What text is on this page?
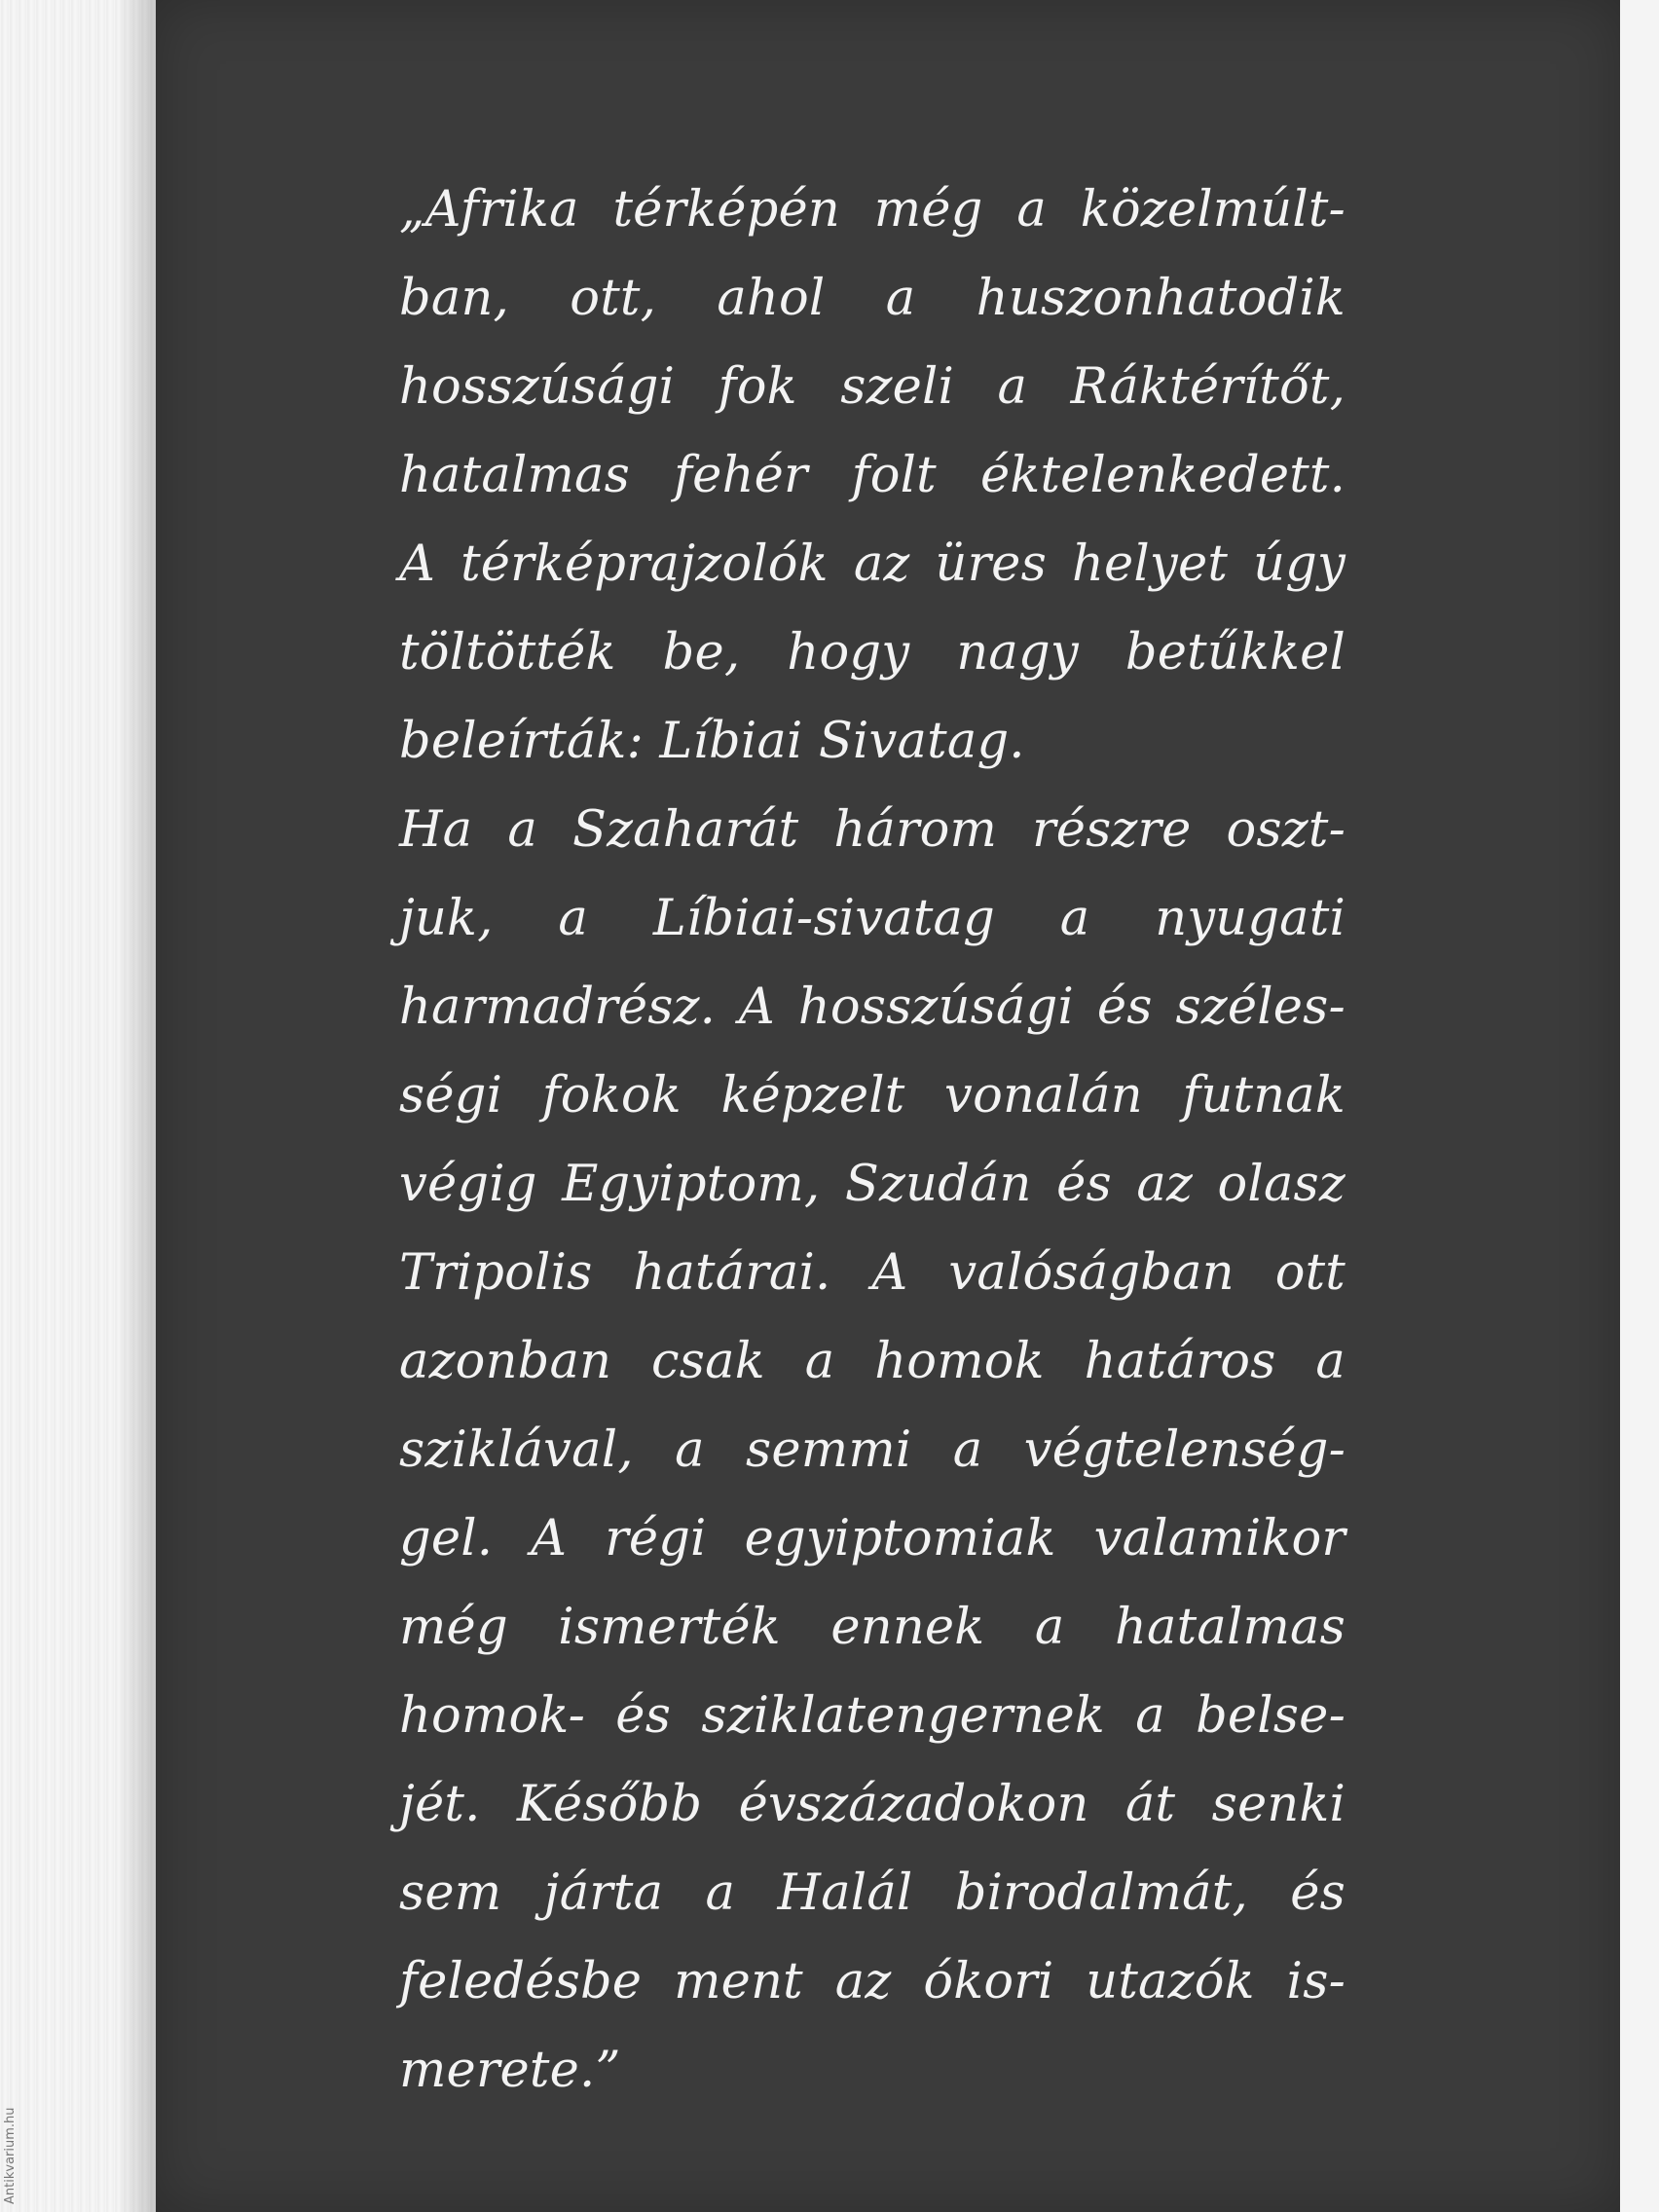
„Afrika térképén még a közelmúlt-
ban, ott, ahol a huszonhatodik
hosszúsági fok szeli a Ráktérítőt,
hatalmas fehér folt éktelenkedett.
A térképrajzolók az üres helyet úgy
töltötték be, hogy nagy betűkkel
beleírták: Líbiai Sivatag.
Ha a Szaharát három részre oszt-
juk, a Líbiai-sivatag a nyugati
harmadrész. A hosszúsági és széles-
ségi fokok képzelt vonalán futnak
végig Egyiptom, Szudán és az olasz
Tripolis határai. A valóságban ott
azonban csak a homok határos a
sziklával, a semmi a végtelenség-
gel. A régi egyiptomiak valamikor
még ismerték ennek a hatalmas
homok- és sziklatengernek a belse-
jét. Később évszázadokon át senki
sem járta a Halál birodalmát, és
feledésbe ment az ókori utazók is-
merete.”
Antikvarium.hu
